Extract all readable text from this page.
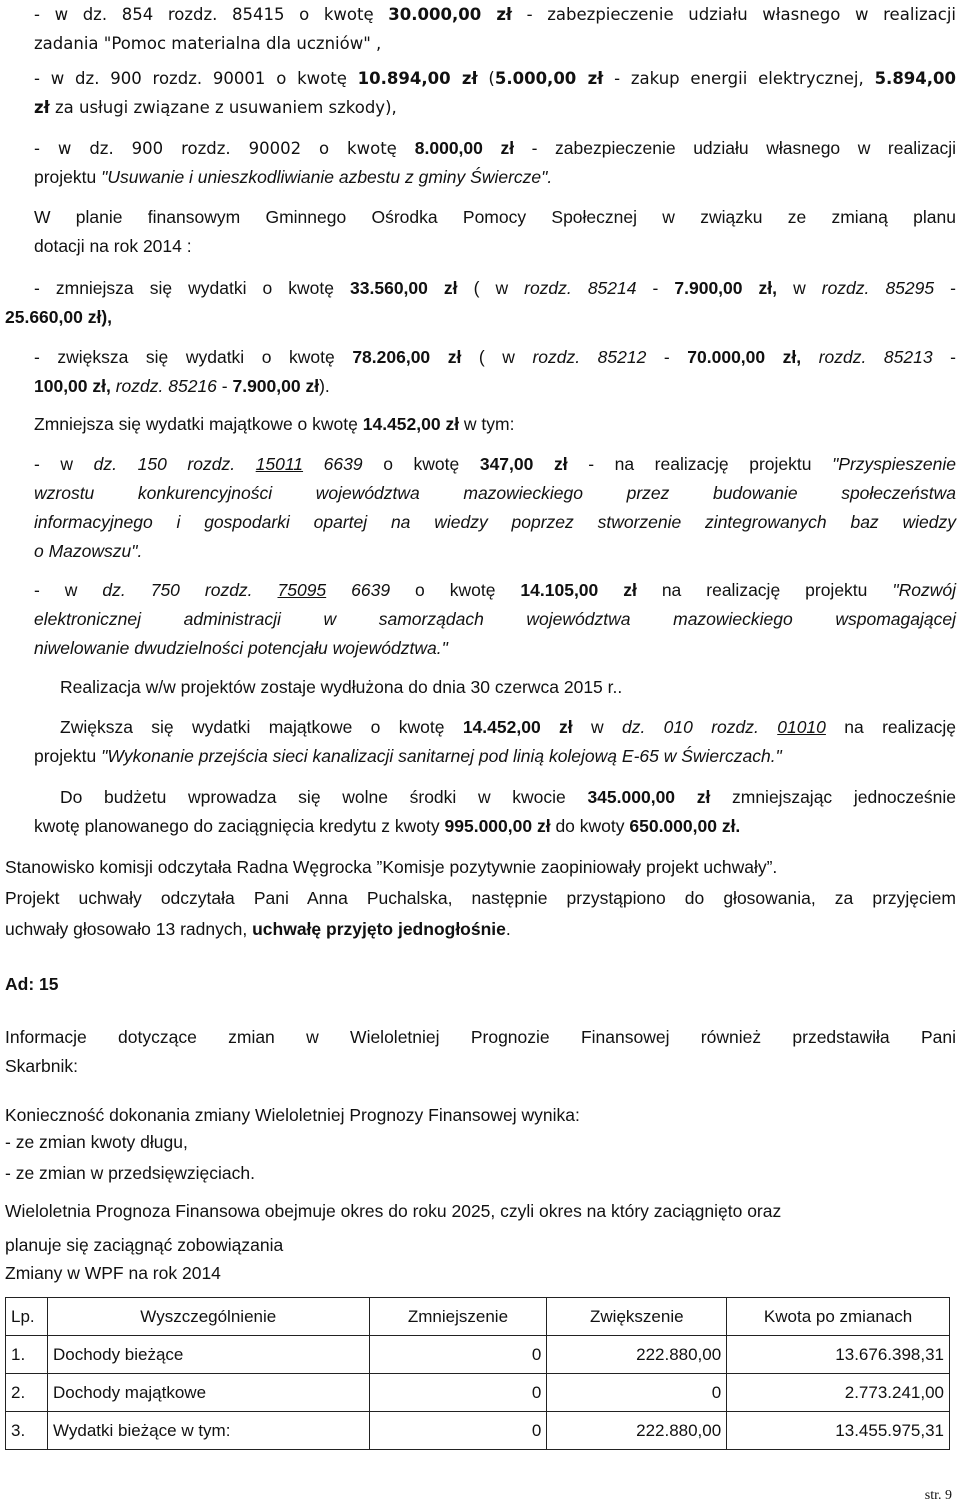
- w dz. 854 rozdz. 85415 o kwotę 30.000,00 zł - zabezpieczenie udziału własnego w realizacji
zadania "Pomoc materialna dla uczniów" ,
- w dz. 900 rozdz. 90001 o kwotę 10.894,00 zł (5.000,00 zł - zakup energii elektrycznej, 5.894,00
zł za usługi związane z usuwaniem szkody),
- w dz. 900 rozdz. 90002 o kwotę 8.000,00 zł - zabezpieczenie udziału własnego w realizacji
projektu "Usuwanie i unieszkodliwianie azbestu z gminy Świercze".
W planie finansowym Gminnego Ośrodka Pomocy Społecznej w związku ze zmianą planu
dotacji na rok 2014 :
- zmniejsza się wydatki o kwotę 33.560,00 zł ( w rozdz. 85214 - 7.900,00 zł, w rozdz. 85295 -
25.660,00 zł),
- zwiększa się wydatki o kwotę 78.206,00 zł ( w rozdz. 85212 - 70.000,00 zł, rozdz. 85213 -
100,00 zł, rozdz. 85216 - 7.900,00 zł).
Zmniejsza się wydatki majątkowe o kwotę 14.452,00 zł w tym:
- w dz. 150 rozdz. 15011 6639 o kwotę 347,00 zł - na realizację projektu "Przyspieszenie
wzrostu konkurencyjności województwa mazowieckiego przez budowanie społeczeństwa
informacyjnego i gospodarki opartej na wiedzy poprzez stworzenie zintegrowanych baz wiedzy
o Mazowszu".
- w dz. 750 rozdz. 75095 6639 o kwotę 14.105,00 zł na realizację projektu "Rozwój
elektronicznej administracji w samorządach województwa mazowieckiego wspomagającej
niwelowanie dwudzielności potencjału województwa."
Realizacja w/w projektów zostaje wydłużona do dnia 30 czerwca 2015 r..
Zwiększa się wydatki majątkowe o kwotę 14.452,00 zł w dz. 010 rozdz. 01010 na realizację
projektu "Wykonanie przejścia sieci kanalizacji sanitarnej pod linią kolejową E-65 w Świerczach."
Do budżetu wprowadza się wolne środki w kwocie 345.000,00 zł zmniejszając jednocześnie
kwotę planowanego do zaciągnięcia kredytu z kwoty 995.000,00 zł do kwoty 650.000,00 zł.
Stanowisko komisji odczytała Radna Węgrocka ”Komisje pozytywnie zaopiniowały projekt uchwały”.
Projekt uchwały odczytała Pani Anna Puchalska, następnie przystąpiono do głosowania, za przyjęciem
uchwały głosowało 13 radnych, uchwałę przyjęto jednogłośnie.
Ad: 15
Informacje dotyczące zmian w Wieloletniej Prognozie Finansowej również przedstawiła Pani
Skarbnik:
Konieczność dokonania zmiany Wieloletniej Prognozy Finansowej wynika:
- ze zmian kwoty długu,
- ze zmian w przedsięwzięciach.
Wieloletnia Prognoza Finansowa obejmuje okres do roku 2025, czyli okres na który zaciągnięto oraz
planuje się zaciągnąć zobowiązania
Zmiany w WPF na rok 2014
Lp.	Wyszczególnienie	Zmniejszenie	Zwiększenie	Kwota po zmianach
1.	Dochody bieżące	0	222.880,00	13.676.398,31
2.	Dochody majątkowe	0	0	2.773.241,00
3.	Wydatki bieżące w tym:	0	222.880,00	13.455.975,31
str. 9
